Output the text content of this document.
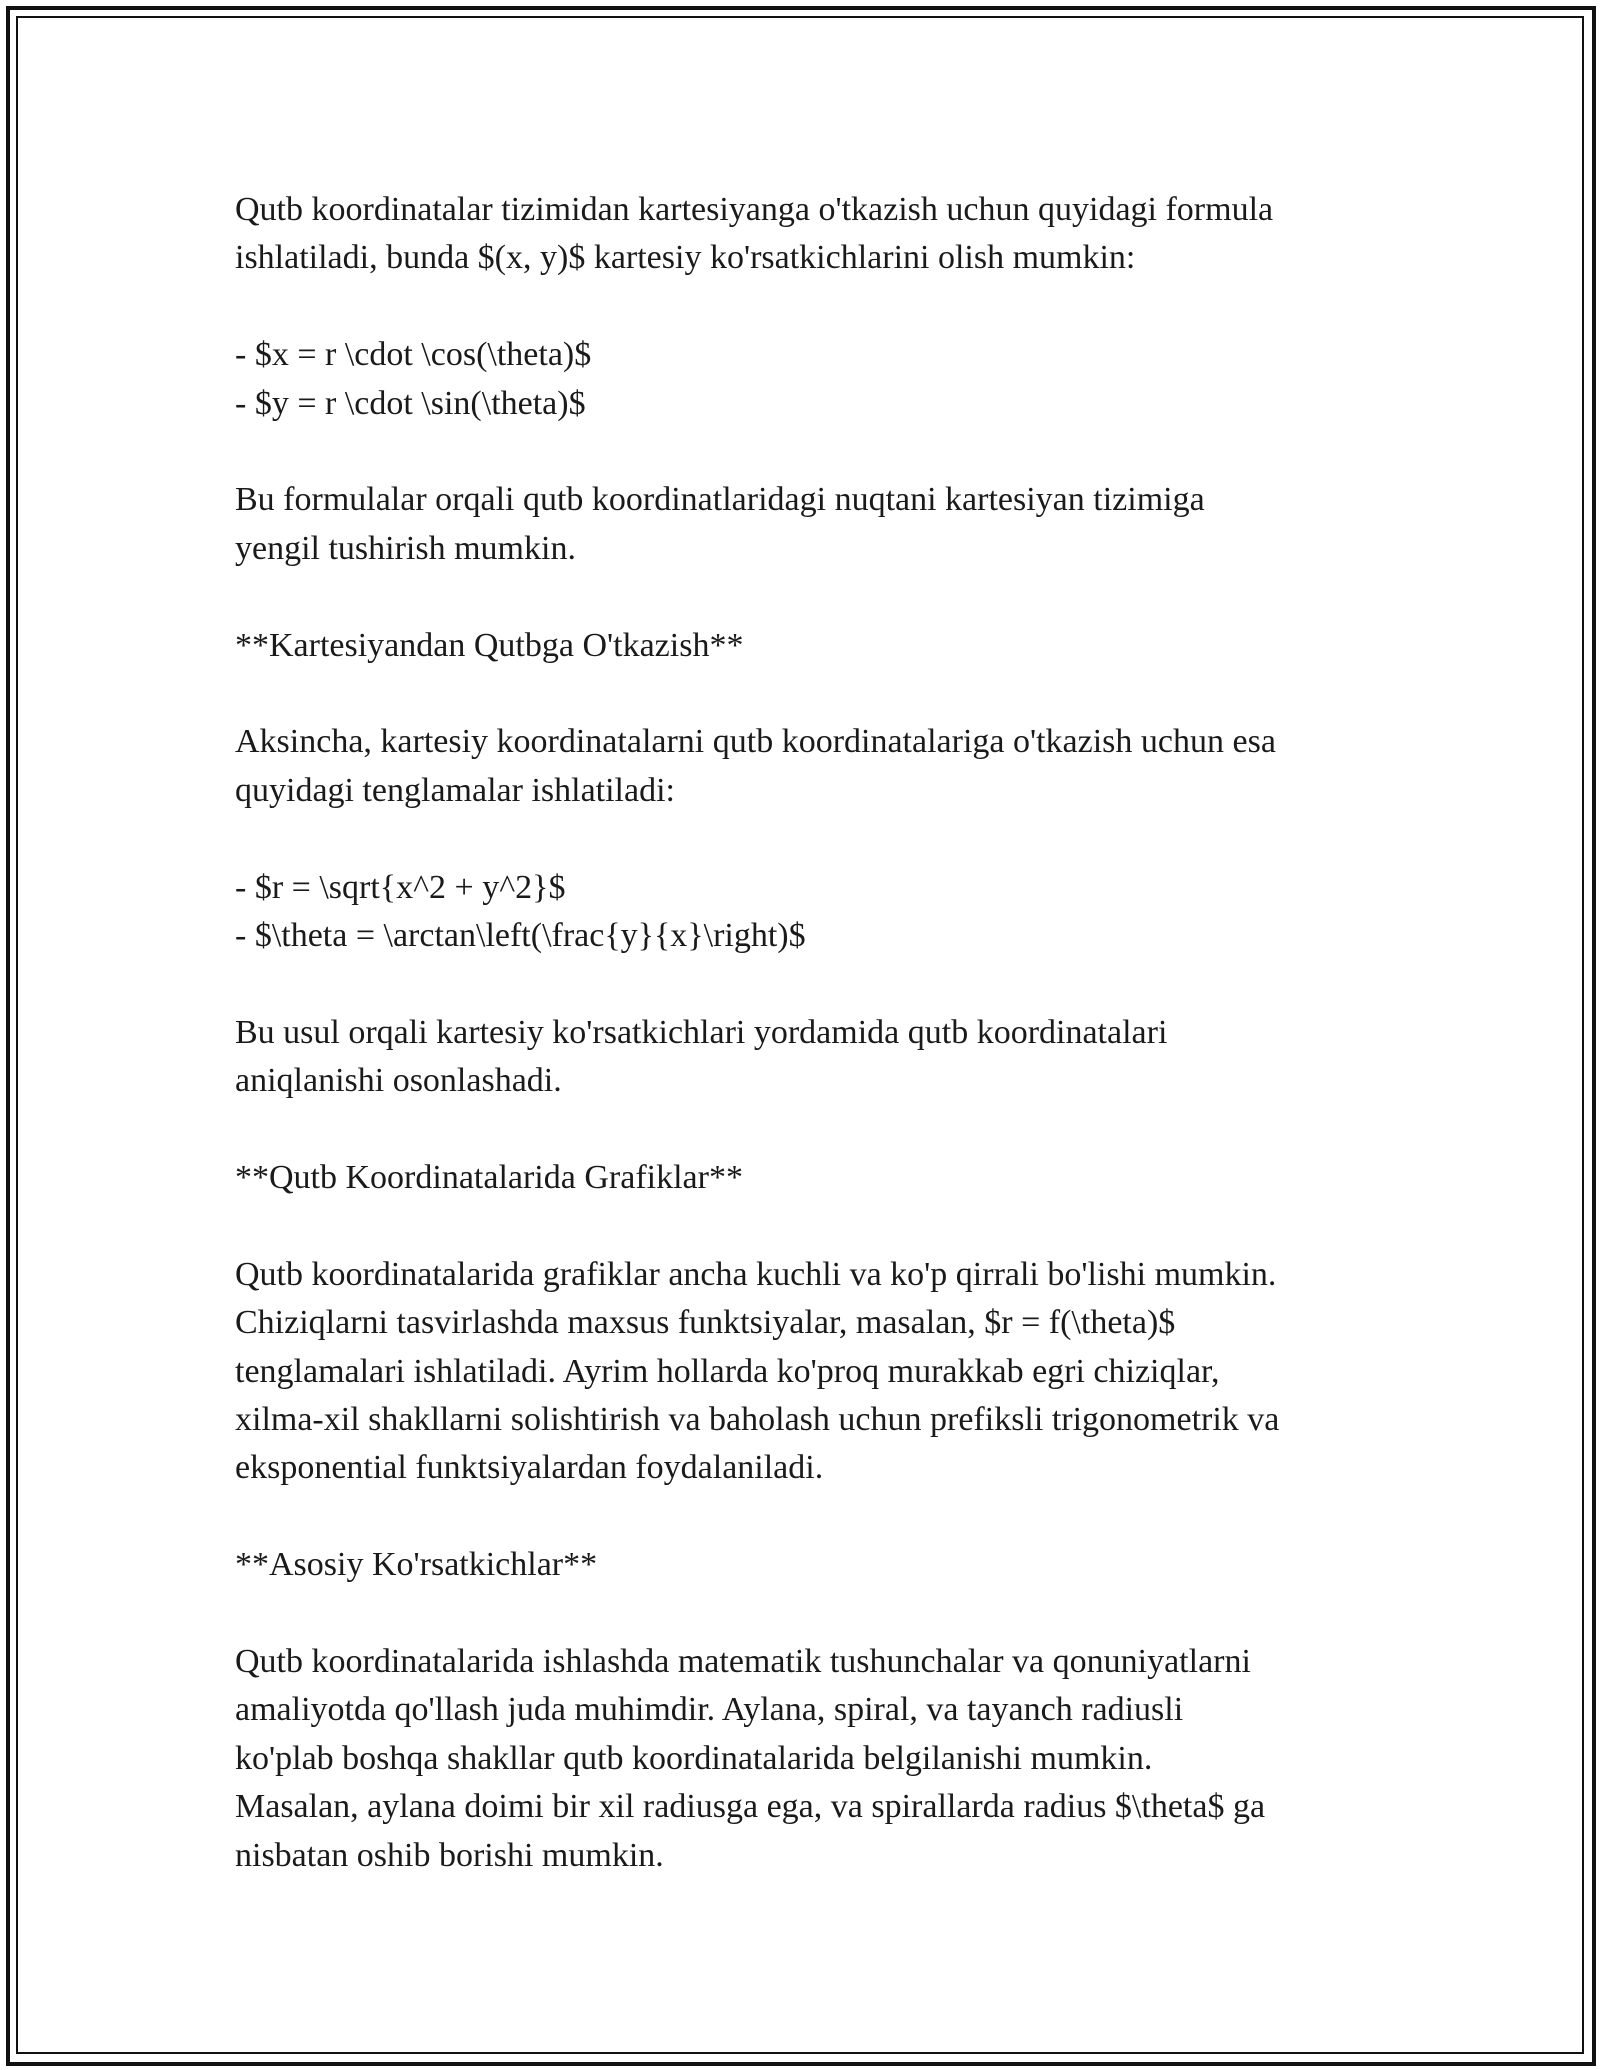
Qutb koordinatalar tizimidan kartesiyanga o'tkazish uchun quyidagi formula

ishlatiladi, bunda $(x, y)$ kartesiy ko'rsatkichlarini olish mumkin:

- $x = r \cdot \cos(\theta)$

- $y = r \cdot \sin(\theta)$

Bu formulalar orqali qutb koordinatlaridagi nuqtani kartesiyan tizimiga

yengil tushirish mumkin.

**Kartesiyandan Qutbga O'tkazish**

Aksincha, kartesiy koordinatalarni qutb koordinatalariga o'tkazish uchun esa

quyidagi tenglamalar ishlatiladi:

- $r = \sqrt{x^2 + y^2}$

- $\theta = \arctan\left(\frac{y}{x}\right)$

Bu usul orqali kartesiy ko'rsatkichlari yordamida qutb koordinatalari

aniqlanishi osonlashadi.

**Qutb Koordinatalarida Grafiklar**

Qutb koordinatalarida grafiklar ancha kuchli va ko'p qirrali bo'lishi mumkin.

Chiziqlarni tasvirlashda maxsus funktsiyalar, masalan, $r = f(\theta)$

tenglamalari ishlatiladi. Ayrim hollarda ko'proq murakkab egri chiziqlar,

xilma-xil shakllarni solishtirish va baholash uchun prefiksli trigonometrik va

eksponential funktsiyalardan foydalaniladi.

**Asosiy Ko'rsatkichlar**

Qutb koordinatalarida ishlashda matematik tushunchalar va qonuniyatlarni

amaliyotda qo'llash juda muhimdir. Aylana, spiral, va tayanch radiusli

ko'plab boshqa shakllar qutb koordinatalarida belgilanishi mumkin.

Masalan, aylana doimi bir xil radiusga ega, va spirallarda radius $\theta$ ga

nisbatan oshib borishi mumkin.
